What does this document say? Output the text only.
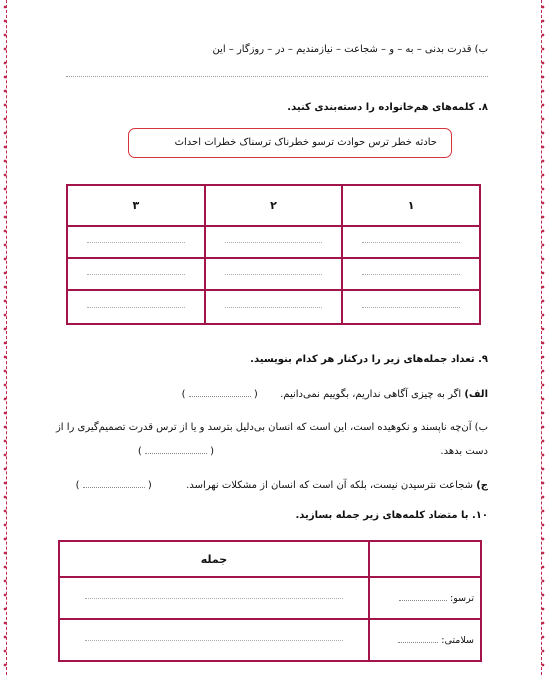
ب) قدرت بدنی – به – و – شجاعت – نیازمندیم – در – روزگار – این
۸. کلمه‌های هم‌خانواده را دسته‌بندی کنید.
حادثه خطر ترس حوادث ترسو خطرناک ترسناک خطرات احداث
۳	۲	۱

۹. تعداد جمله‌های زیر را درکنار هر کدام بنویسید.
الف) اگر به چیزی آگاهی نداریم، بگوییم نمی‌دانیم.  (  )
ب) آن‌چه ناپسند و نکوهیده است، این است که انسان بی‌دلیل بترسد و یا از ترس قدرت تصمیم‌گیری را از
دست بدهد.  (  )
ج) شجاعت نترسیدن نیست، بلکه آن است که انسان از مشکلات نهراسد.  (  )
۱۰. با متضاد کلمه‌های زیر جمله بسازید.
جمله	

	ترسو:

	سلامتی:
